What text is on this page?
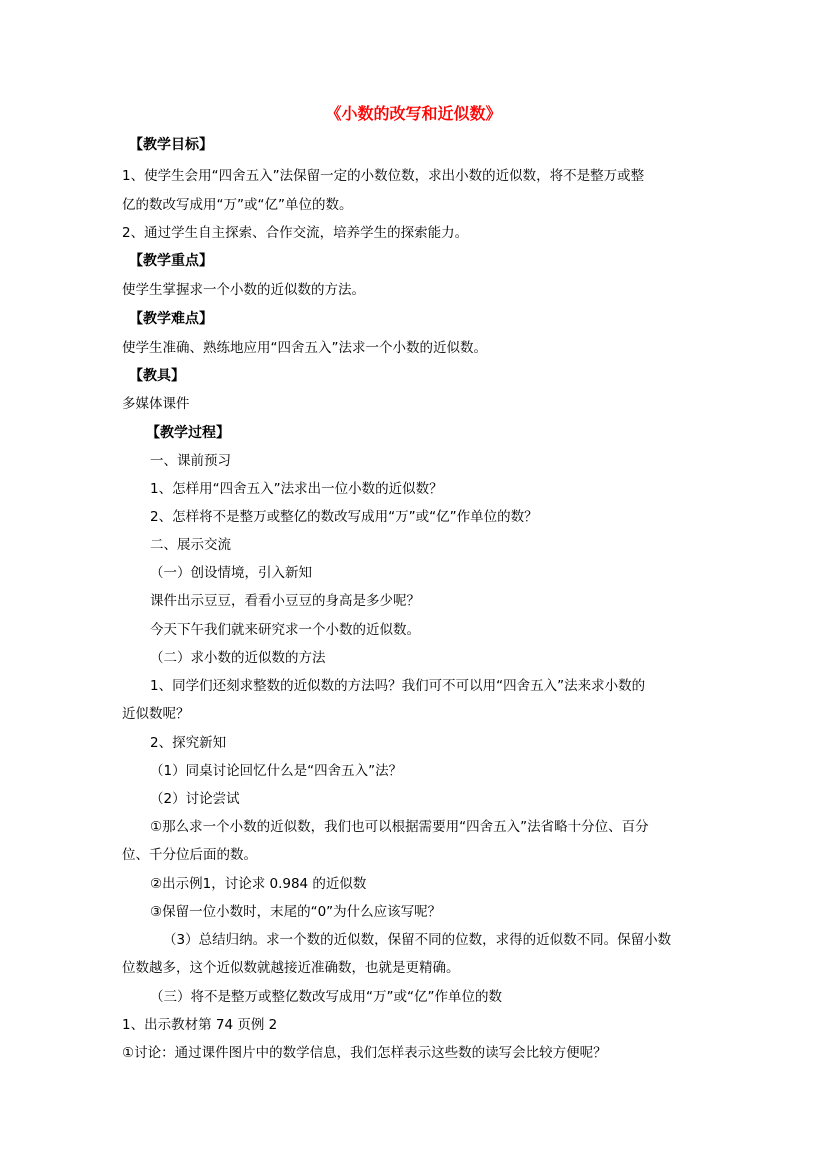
《小数的改写和近似数》
【教学目标】
1、使学生会用“四舍五入”法保留一定的小数位数，求出小数的近似数，将不是整万或整
亿的数改写成用“万”或“亿”单位的数。
2、通过学生自主探索、合作交流，培养学生的探索能力。
【教学重点】
使学生掌握求一个小数的近似数的方法。
【教学难点】
使学生准确、熟练地应用“四舍五入”法求一个小数的近似数。
【教具】
多媒体课件
【教学过程】
一、课前预习
1、怎样用“四舍五入”法求出一位小数的近似数？
2、怎样将不是整万或整亿的数改写成用“万”或“亿”作单位的数？
二、展示交流
（一）创设情境，引入新知
课件出示豆豆，看看小豆豆的身高是多少呢？
今天下午我们就来研究求一个小数的近似数。
（二）求小数的近似数的方法
1、同学们还刻求整数的近似数的方法吗？我们可不可以用“四舍五入”法来求小数的
近似数呢？
2、探究新知
（1）同桌讨论回忆什么是“四舍五入”法？
（2）讨论尝试
①那么求一个小数的近似数，我们也可以根据需要用“四舍五入”法省略十分位、百分
位、千分位后面的数。
②出示例1，讨论求 0.984 的近似数
③保留一位小数时，末尾的“0”为什么应该写呢？
（3）总结归纳。求一个数的近似数，保留不同的位数，求得的近似数不同。保留小数
位数越多，这个近似数就越接近准确数，也就是更精确。
（三）将不是整万或整亿数改写成用“万”或“亿”作单位的数
1、出示教材第 74 页例 2
①讨论：通过课件图片中的数学信息，我们怎样表示这些数的读写会比较方便呢？
